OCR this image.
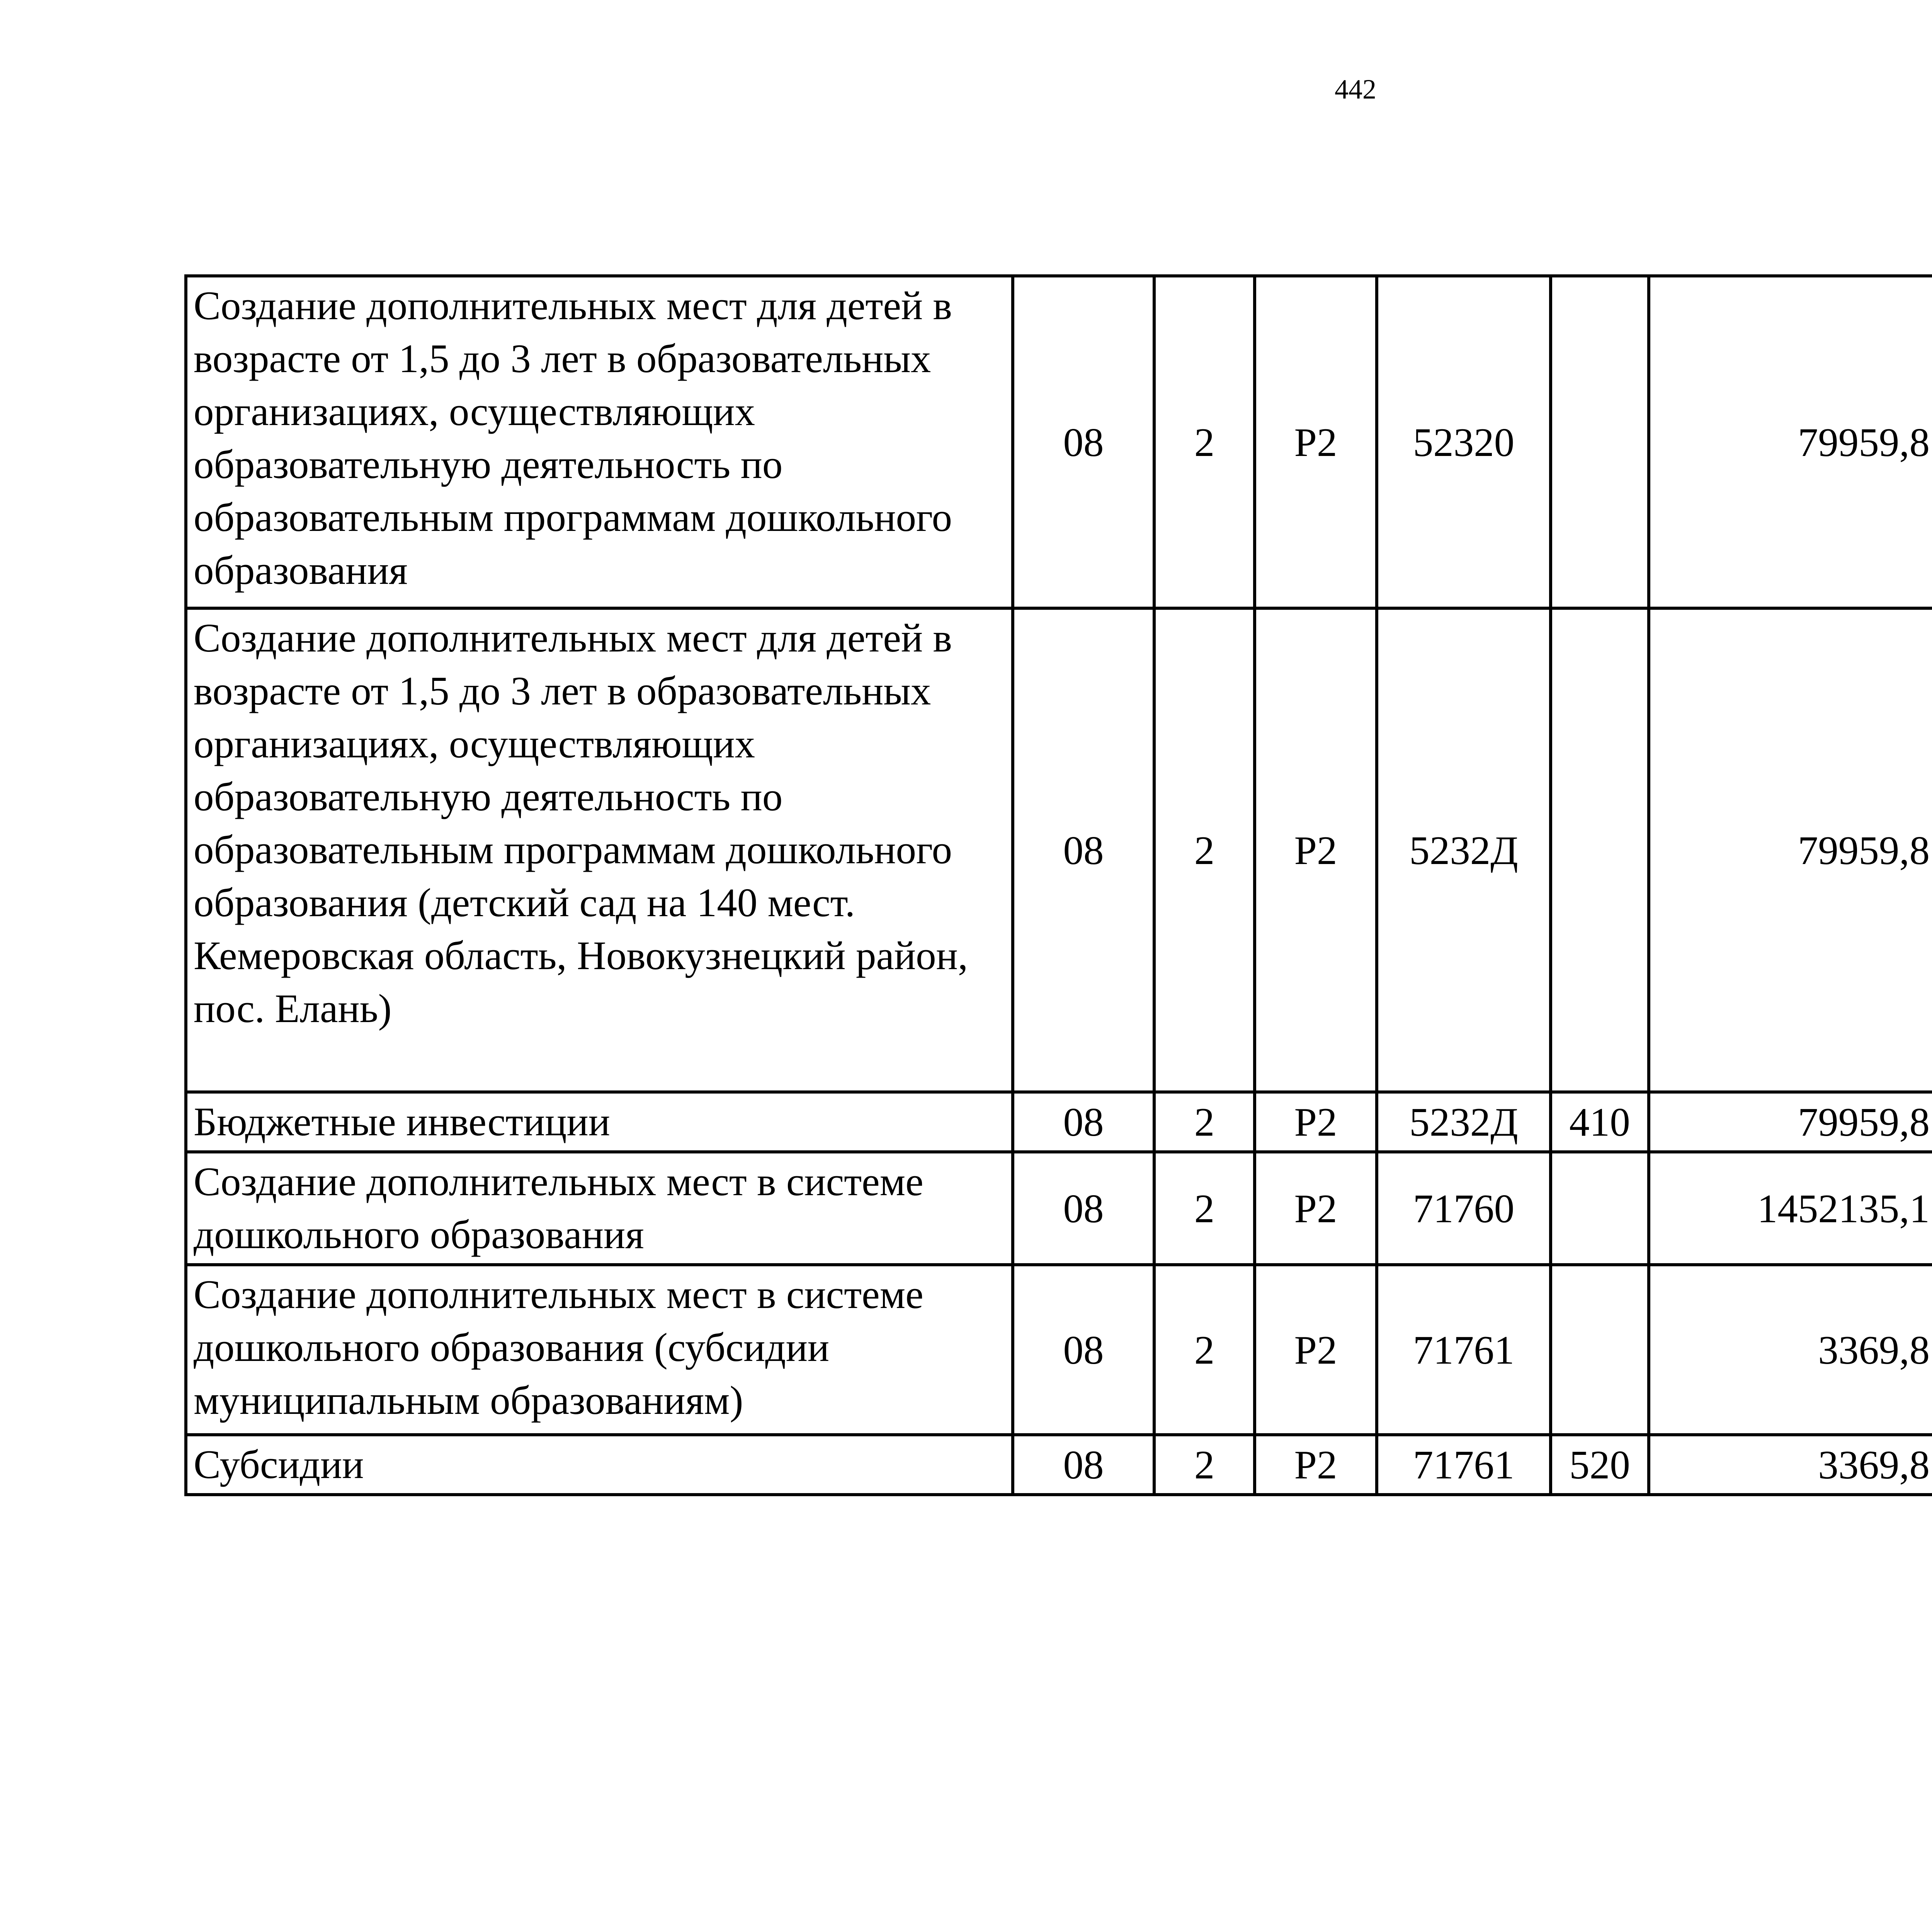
442
Создание дополнительных мест для детей в возрасте от 1,5 до 3 лет в образовательных организациях, осуществляющих образовательную деятельность по образовательным программам дошкольного образования	08	2	Р2	52320		79959,8		
Создание дополнительных мест для детей в возрасте от 1,5 до 3 лет в образовательных организациях, осуществляющих образовательную деятельность по образовательным программам дошкольного образования (детский сад на 140 мест. Кемеровская область, Новокузнецкий район, пос. Елань)	08	2	Р2	5232Д		79959,8		
Бюджетные инвестиции	08	2	Р2	5232Д	410	79959,8		
Создание дополнительных мест в системе дошкольного образования	08	2	Р2	71760		1452135,1		
Создание дополнительных мест в системе дошкольного образования (субсидии муниципальным образованиям)	08	2	Р2	71761		3369,8		
Субсидии	08	2	Р2	71761	520	3369,8		
